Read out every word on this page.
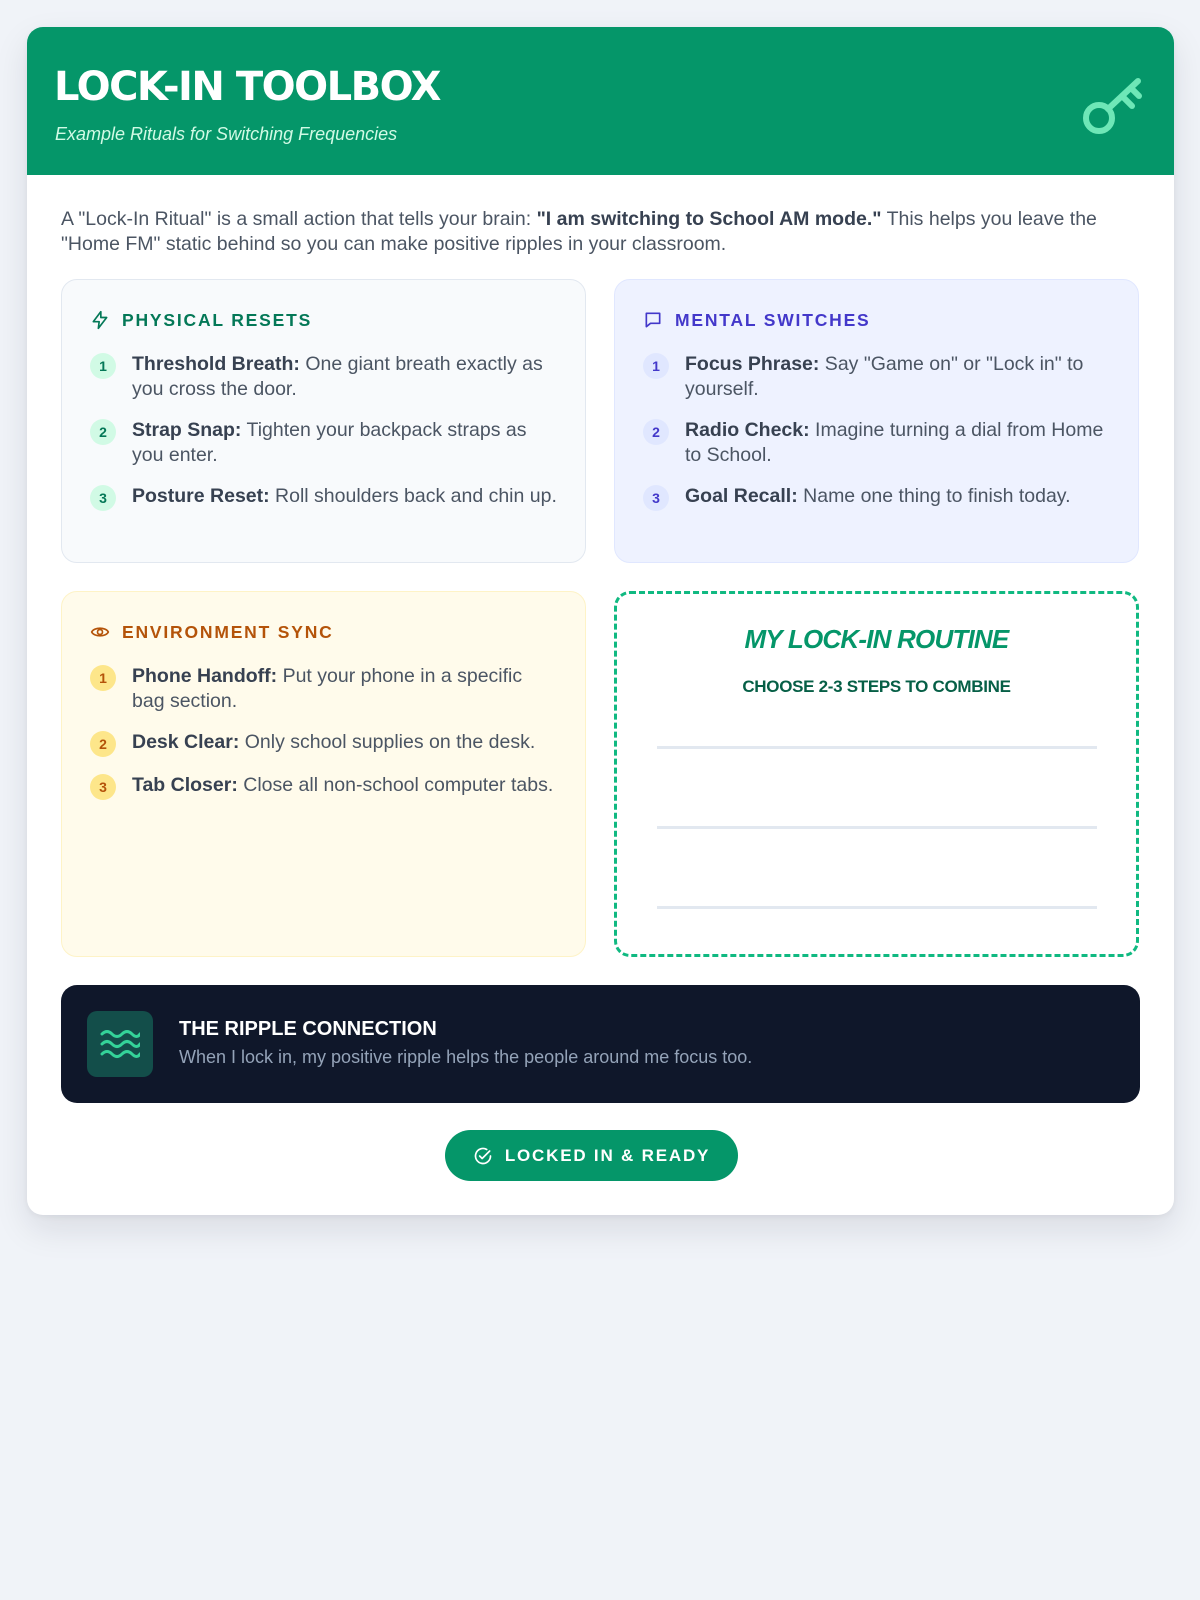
LOCK-IN TOOLBOX
Example Rituals for Switching Frequencies

A "Lock-In Ritual" is a small action that tells your brain: "I am switching to School AM mode." This helps you leave the "Home FM" static behind so you can make positive ripples in your classroom.

PHYSICAL RESETS
1	Threshold Breath: One giant breath exactly as you cross the door.
2	Strap Snap: Tighten your backpack straps as you enter.
3	Posture Reset: Roll shoulders back and chin up.
MENTAL SWITCHES
1	Focus Phrase: Say "Game on" or "Lock in" to yourself.
2	Radio Check: Imagine turning a dial from Home to School.
3	Goal Recall: Name one thing to finish today.
ENVIRONMENT SYNC
1	Phone Handoff: Put your phone in a specific bag section.
2	Desk Clear: Only school supplies on the desk.
3	Tab Closer: Close all non-school computer tabs.
MY LOCK-IN ROUTINE
CHOOSE 2-3 STEPS TO COMBINE
THE RIPPLE CONNECTION
When I lock in, my positive ripple helps the people around me focus too.
LOCKED IN & READY
